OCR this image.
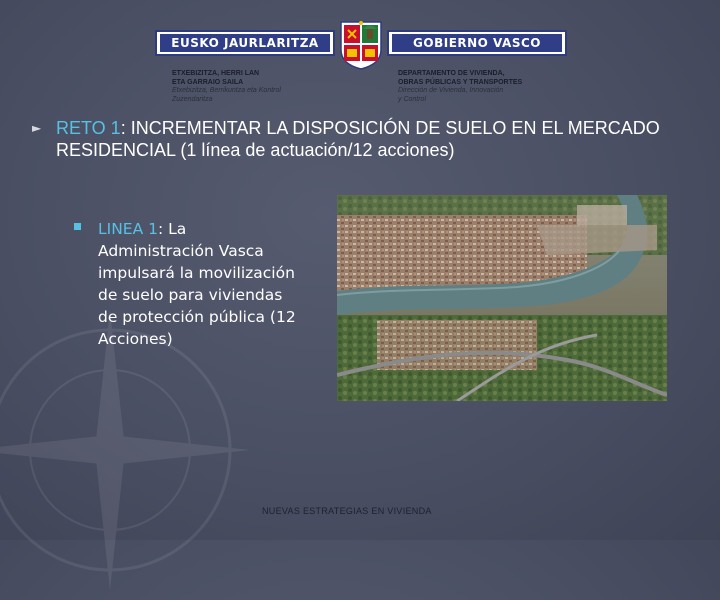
EUSKO JAURLARITZA	GOBIERNO VASCO
ETXEBIZITZA, HERRI LAN
ETA GARRAIO SAILA
Etxebizitza, Berrikuntza eta Kontrol
Zuzendaritza
DEPARTAMENTO DE VIVIENDA,
OBRAS PÚBLICAS Y TRANSPORTES
Dirección de Vivienda, Innovación
y Control
► RETO 1: INCREMENTAR LA DISPOSICIÓN DE SUELO EN EL MERCADO RESIDENCIAL (1 línea de actuación/12 acciones)
LINEA 1: La Administración Vasca impulsará la movilización de suelo para viviendas de protección pública (12 Acciones)
NUEVAS ESTRATEGIAS EN VIVIENDA
